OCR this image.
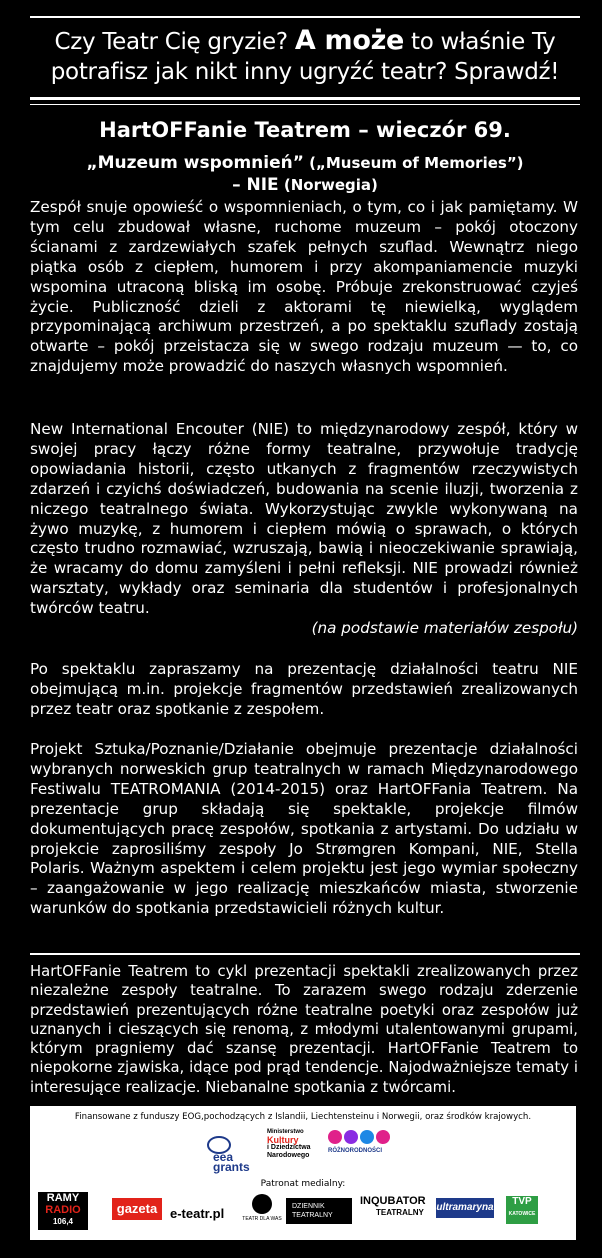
Czy Teatr Cię gryzie? A może to właśnie Ty
potrafisz jak nikt inny ugryźć teatr? Sprawdź!
HartOFFanie Teatrem – wieczór 69.
„Muzeum wspomnień” („Museum of Memories”)
– NIE (Norwegia)

Zespół snuje opowieść o wspomnieniach, o tym, co i jak pamiętamy. W tym celu zbudował własne, ruchome muzeum – pokój otoczony ścianami z zardzewiałych szafek pełnych szuflad. Wewnątrz niego piątka osób z ciepłem, humorem i przy akompaniamencie muzyki wspomina utraconą bliską im osobę. Próbuje zrekonstruować czyjeś życie. Publiczność dzieli z aktorami tę niewielką, wyglądem przypominającą archiwum przestrzeń, a po spektaklu szuflady zostają otwarte – pokój przeistacza się w swego rodzaju muzeum — to, co znajdujemy może prowadzić do naszych własnych wspomnień.

New International Encouter (NIE) to międzynarodowy zespół, który w swojej pracy łączy różne formy teatralne, przywołuje tradycję opowiadania historii, często utkanych z fragmentów rzeczywistych zdarzeń i czyichś doświadczeń, budowania na scenie iluzji, tworzenia z niczego teatralnego świata. Wykorzystując zwykle wykonywaną na żywo muzykę, z humorem i ciepłem mówią o sprawach, o których często trudno rozmawiać, wzruszają, bawią i nieoczekiwanie sprawiają, że wracamy do domu zamyśleni i pełni refleksji. NIE prowadzi również warsztaty, wykłady oraz seminaria dla studentów i profesjonalnych twórców teatru.

(na podstawie materiałów zespołu)

Po spektaklu zapraszamy na prezentację działalności teatru NIE obejmującą m.in. projekcje fragmentów przedstawień zrealizowanych przez teatr oraz spotkanie z zespołem.

Projekt Sztuka/Poznanie/Działanie obejmuje prezentacje działalności wybranych norweskich grup teatralnych w ramach Międzynarodowego Festiwalu TEATROMANIA (2014-2015) oraz HartOFFania Teatrem. Na prezentacje grup składają się spektakle, projekcje filmów dokumentujących pracę zespołów, spotkania z artystami. Do udziału w projekcie zaprosiliśmy zespoły Jo Strømgren Kompani, NIE, Stella Polaris. Ważnym aspektem i celem projektu jest jego wymiar społeczny – zaangażowanie w jego realizację mieszkańców miasta, stworzenie warunków do spotkania przedstawicieli różnych kultur.

HartOFFanie Teatrem to cykl prezentacji spektakli zrealizowanych przez niezależne zespoły teatralne. To zarazem swego rodzaju zderzenie przedstawień prezentujących różne teatralne poetyki oraz zespołów już uznanych i cieszących się renomą, z młodymi utalentowanymi grupami, którym pragniemy dać szansę prezentacji. HartOFFanie Teatrem to niepokorne zjawiska, idące pod prąd tendencje. Najodważniejsze tematy i interesujące realizacje. Niebanalne spotkania z twórcami.

Finansowane z funduszy EOG,pochodzących z Islandii, Liechtensteinu i Norwegii, oraz środków krajowych.
eea grants
Ministerstwo
Kultury
i Dziedzictwa
Narodowego
RÓŻNORODNOŚCI
Patronat medialny:
RAMY
RADIO
106,4
gazeta e-teatr.pl	TEATR DLA WAS
DZIENNIK
TEATRALNY
INQUBATOR
TEATRALNY	ultramaryna
TVP
KATOWICE
